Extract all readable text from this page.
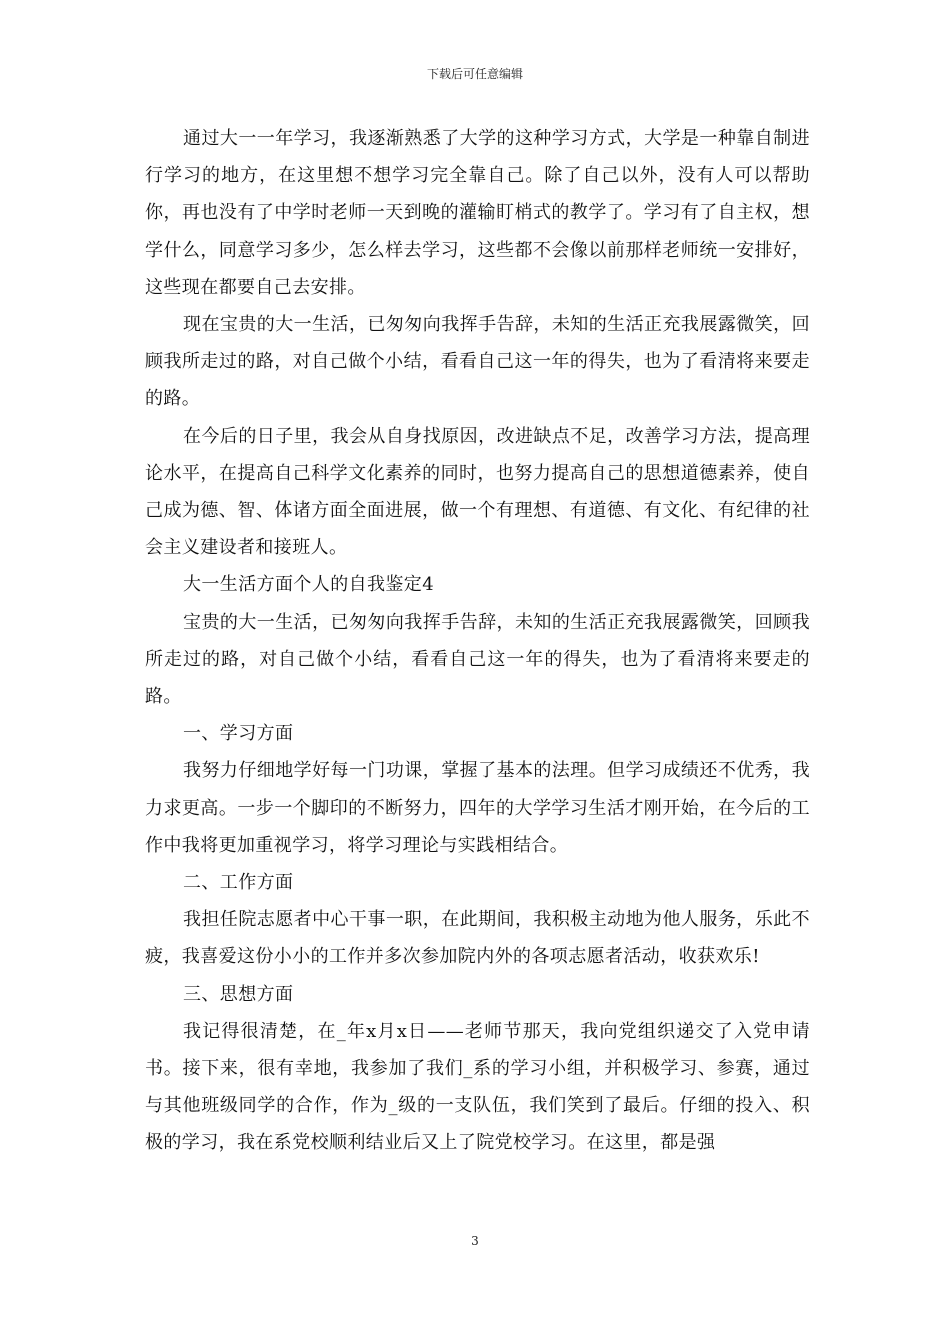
下载后可任意编辑

通过大一一年学习，我逐渐熟悉了大学的这种学习方式，大学是一种靠自制进行学习的地方，在这里想不想学习完全靠自己。除了自己以外，没有人可以帮助你，再也没有了中学时老师一天到晚的灌输盯梢式的教学了。学习有了自主权，想学什么，同意学习多少，怎么样去学习，这些都不会像以前那样老师统一安排好，这些现在都要自己去安排。

现在宝贵的大一生活，已匆匆向我挥手告辞，未知的生活正充我展露微笑，回顾我所走过的路，对自己做个小结，看看自己这一年的得失，也为了看清将来要走的路。

在今后的日子里，我会从自身找原因，改进缺点不足，改善学习方法，提高理论水平，在提高自己科学文化素养的同时，也努力提高自己的思想道德素养，使自己成为德、智、体诸方面全面进展，做一个有理想、有道德、有文化、有纪律的社会主义建设者和接班人。

大一生活方面个人的自我鉴定4

宝贵的大一生活，已匆匆向我挥手告辞，未知的生活正充我展露微笑，回顾我所走过的路，对自己做个小结，看看自己这一年的得失，也为了看清将来要走的路。

一、学习方面

我努力仔细地学好每一门功课，掌握了基本的法理。但学习成绩还不优秀，我力求更高。一步一个脚印的不断努力，四年的大学学习生活才刚开始，在今后的工作中我将更加重视学习，将学习理论与实践相结合。

二、工作方面

我担任院志愿者中心干事一职，在此期间，我积极主动地为他人服务，乐此不疲，我喜爱这份小小的工作并多次参加院内外的各项志愿者活动，收获欢乐!

三、思想方面

我记得很清楚，在_年x月x日——老师节那天，我向党组织递交了入党申请书。接下来，很有幸地，我参加了我们_系的学习小组，并积极学习、参赛，通过与其他班级同学的合作，作为_级的一支队伍，我们笑到了最后。仔细的投入、积极的学习，我在系党校顺利结业后又上了院党校学习。在这里，都是强

3
